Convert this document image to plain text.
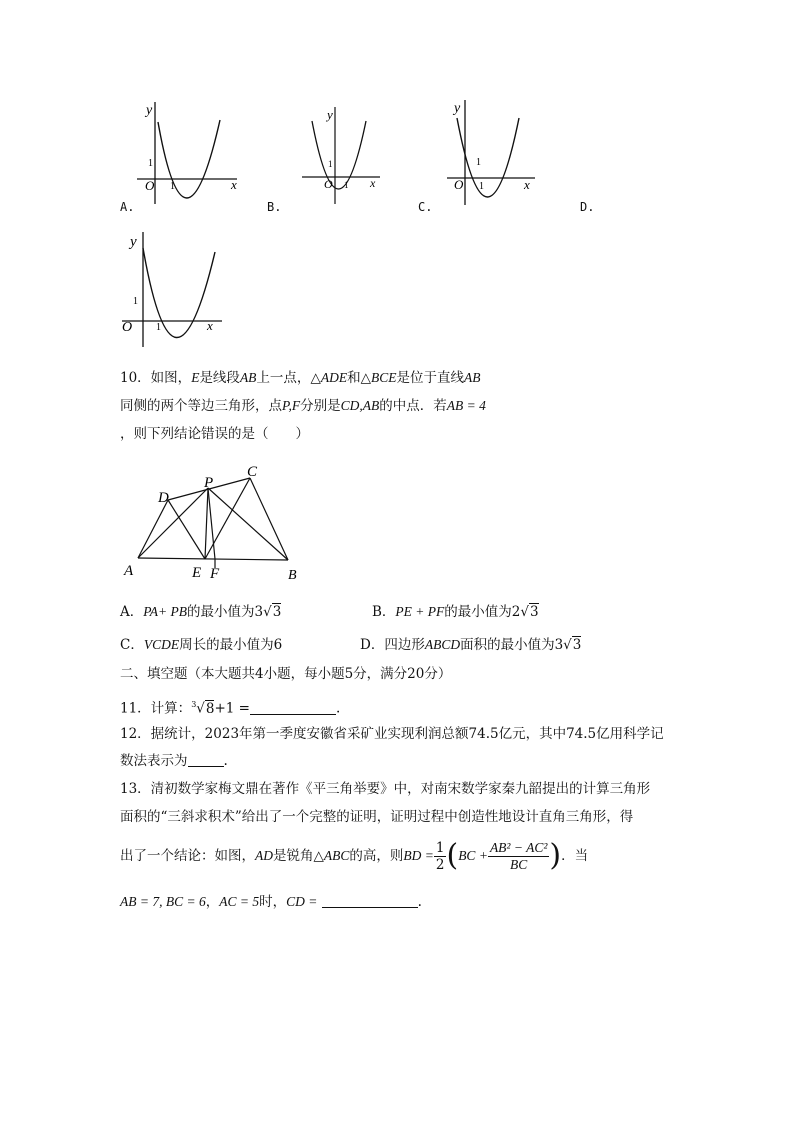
y
x
O
1
1
y
x
O
1
1
y
x
O
1
1
A.	B.	C.	D.
y
x
O
1
1
10．如图，E是线段AB上一点，△ADE和△BCE是位于直线AB
同侧的两个等边三角形，点P,F分别是CD,AB的中点．若AB = 4
，则下列结论错误的是（　　）
A
D
P
C
E F	B
A．PA+ PB的最小值为3√3	B．PE + PF的最小值为2√3
C．VCDE周长的最小值为6	D．四边形ABCD面积的最小值为3√3
二、填空题（本大题共4小题，每小题5分，满分20分）
11．计算：$^3$√8+1 =	.
12．据统计，2023年第一季度安徽省采矿业实现利润总额74.5亿元，其中74.5亿用科学记
数法表示为	.
13．清初数学家梅文鼎在著作《平三角举要》中，对南宋数学家秦九韶提出的计算三角形
面积的“三斜求积术”给出了一个完整的证明，证明过程中创造性地设计直角三角形，得
出了一个结论：如图， AD 是锐角 △ABC 的高，则 BD = $\frac{1}{2}$ ( BC + $\frac{\text{AB² − AC²}}{BC}$ ) ．当
AB = 7, BC = 6，AC = 5时，CD =	.
